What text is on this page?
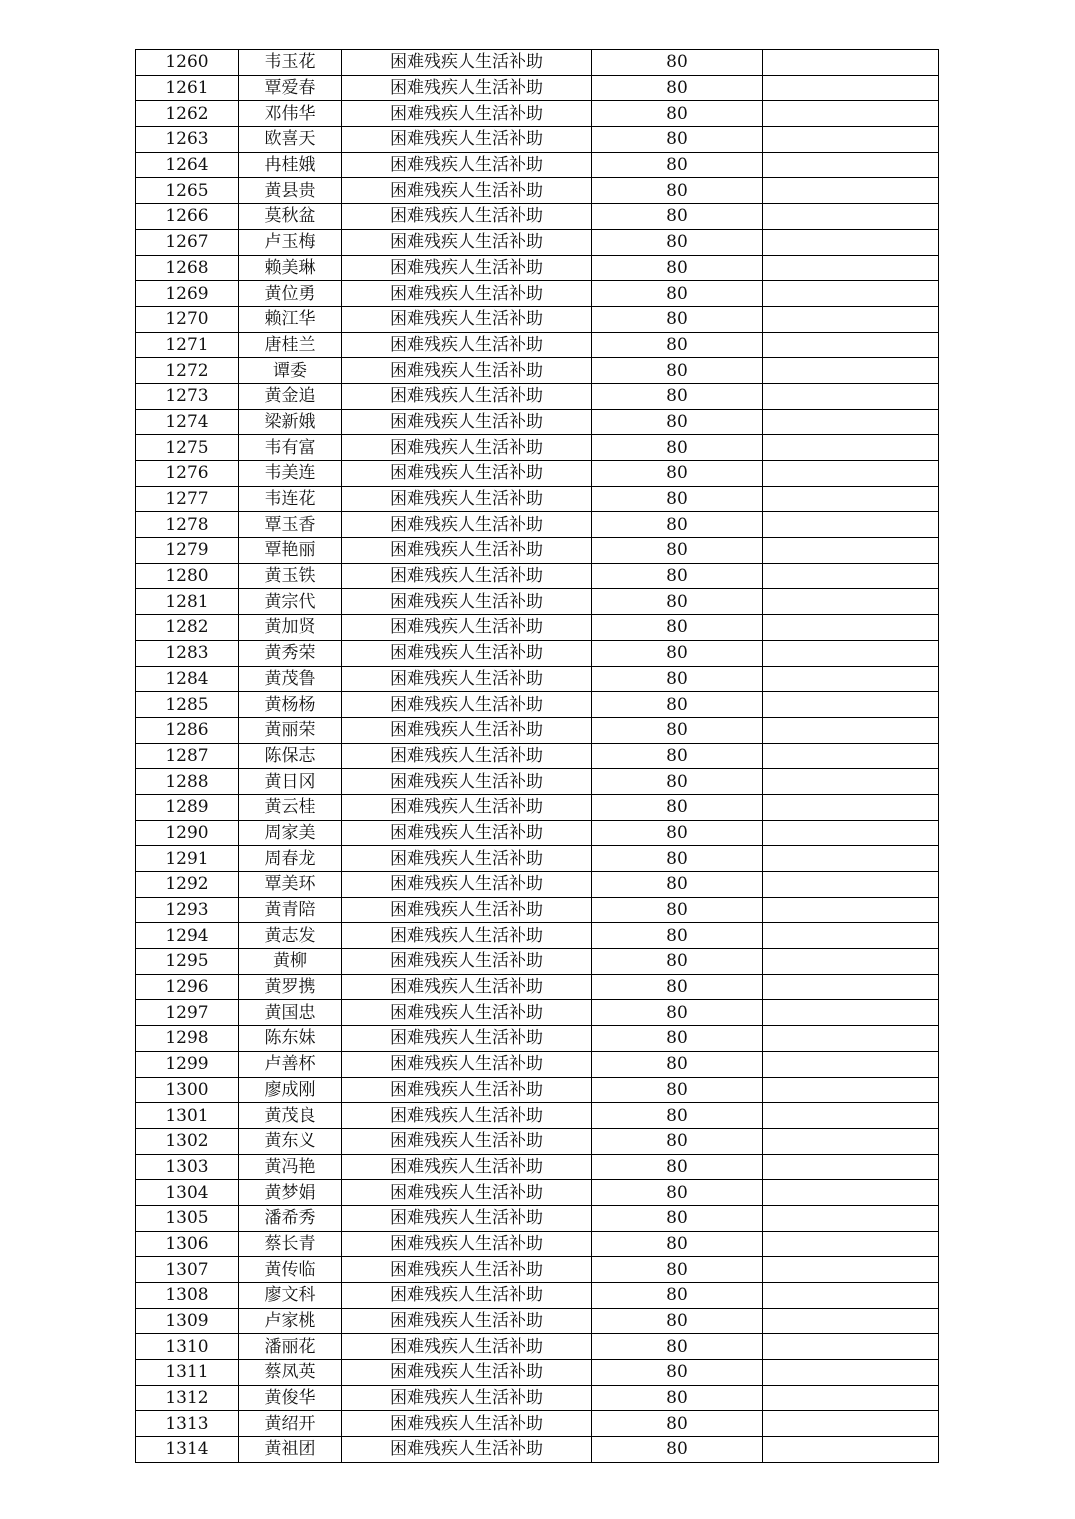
1260	韦玉花	困难残疾人生活补助	80	
1261	覃爱春	困难残疾人生活补助	80	
1262	邓伟华	困难残疾人生活补助	80	
1263	欧喜天	困难残疾人生活补助	80	
1264	冉桂娥	困难残疾人生活补助	80	
1265	黄县贵	困难残疾人生活补助	80	
1266	莫秋盆	困难残疾人生活补助	80	
1267	卢玉梅	困难残疾人生活补助	80	
1268	赖美琳	困难残疾人生活补助	80	
1269	黄位勇	困难残疾人生活补助	80	
1270	赖江华	困难残疾人生活补助	80	
1271	唐桂兰	困难残疾人生活补助	80	
1272	谭委	困难残疾人生活补助	80	
1273	黄金追	困难残疾人生活补助	80	
1274	梁新娥	困难残疾人生活补助	80	
1275	韦有富	困难残疾人生活补助	80	
1276	韦美连	困难残疾人生活补助	80	
1277	韦连花	困难残疾人生活补助	80	
1278	覃玉香	困难残疾人生活补助	80	
1279	覃艳丽	困难残疾人生活补助	80	
1280	黄玉铁	困难残疾人生活补助	80	
1281	黄宗代	困难残疾人生活补助	80	
1282	黄加贤	困难残疾人生活补助	80	
1283	黄秀荣	困难残疾人生活补助	80	
1284	黄茂鲁	困难残疾人生活补助	80	
1285	黄杨杨	困难残疾人生活补助	80	
1286	黄丽荣	困难残疾人生活补助	80	
1287	陈保志	困难残疾人生活补助	80	
1288	黄日冈	困难残疾人生活补助	80	
1289	黄云桂	困难残疾人生活补助	80	
1290	周家美	困难残疾人生活补助	80	
1291	周春龙	困难残疾人生活补助	80	
1292	覃美环	困难残疾人生活补助	80	
1293	黄青陪	困难残疾人生活补助	80	
1294	黄志发	困难残疾人生活补助	80	
1295	黄柳	困难残疾人生活补助	80	
1296	黄罗携	困难残疾人生活补助	80	
1297	黄国忠	困难残疾人生活补助	80	
1298	陈东妹	困难残疾人生活补助	80	
1299	卢善杯	困难残疾人生活补助	80	
1300	廖成刚	困难残疾人生活补助	80	
1301	黄茂良	困难残疾人生活补助	80	
1302	黄东义	困难残疾人生活补助	80	
1303	黄冯艳	困难残疾人生活补助	80	
1304	黄梦娟	困难残疾人生活补助	80	
1305	潘希秀	困难残疾人生活补助	80	
1306	蔡长青	困难残疾人生活补助	80	
1307	黄传临	困难残疾人生活补助	80	
1308	廖文科	困难残疾人生活补助	80	
1309	卢家桃	困难残疾人生活补助	80	
1310	潘丽花	困难残疾人生活补助	80	
1311	蔡凤英	困难残疾人生活补助	80	
1312	黄俊华	困难残疾人生活补助	80	
1313	黄绍开	困难残疾人生活补助	80	
1314	黄祖团	困难残疾人生活补助	80	
